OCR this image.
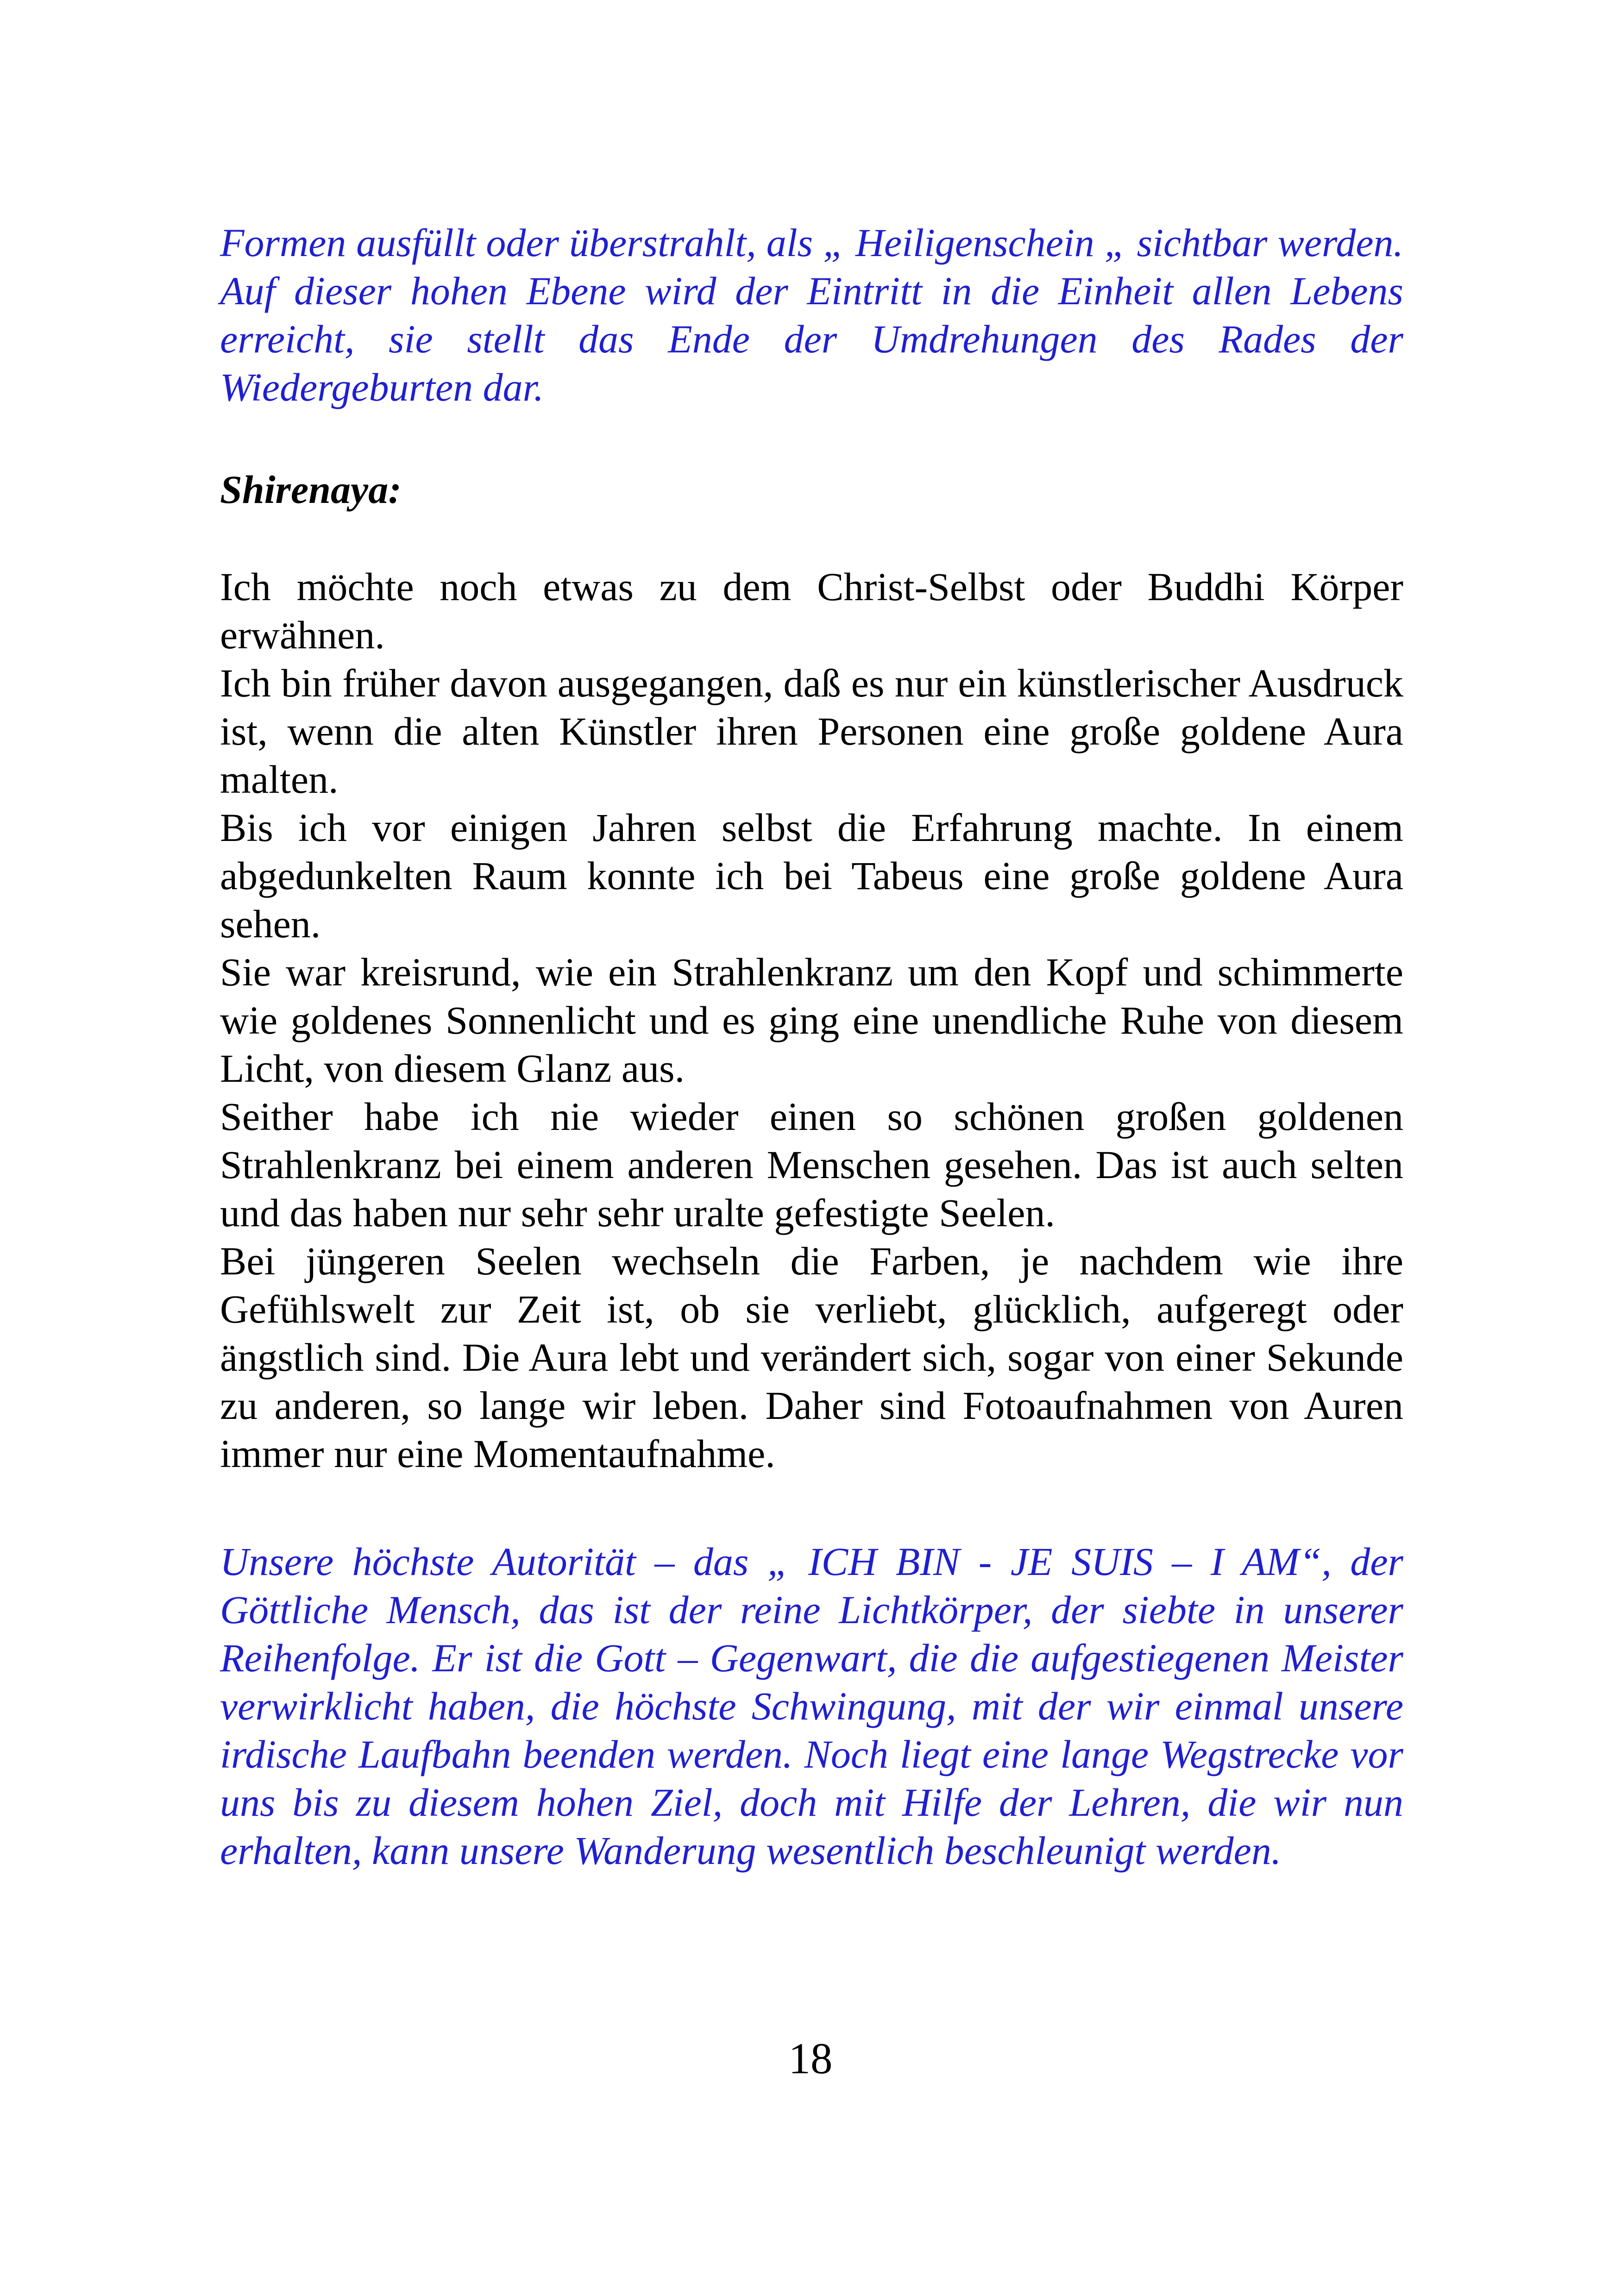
Formen ausfüllt oder überstrahlt, als „ Heiligenschein „ sichtbar werden. Auf dieser hohen Ebene wird der Eintritt in die Einheit allen Lebens erreicht, sie stellt das Ende der Umdrehungen des Rades der Wiedergeburten dar.

Shirenaya:
Ich möchte noch etwas zu dem Christ-Selbst oder Buddhi Körper erwähnen.
Ich bin früher davon ausgegangen, daß es nur ein künstlerischer Ausdruck ist, wenn die alten Künstler ihren Personen eine große goldene Aura malten.
Bis ich vor einigen Jahren selbst die Erfahrung machte. In einem abgedunkelten Raum konnte ich bei Tabeus eine große goldene Aura sehen.
Sie war kreisrund, wie ein Strahlenkranz um den Kopf und schimmerte wie goldenes Sonnenlicht und es ging eine unendliche Ruhe von diesem Licht, von diesem Glanz aus.
Seither habe ich nie wieder einen so schönen großen goldenen Strahlenkranz bei einem anderen Menschen gesehen. Das ist auch selten und das haben nur sehr sehr uralte gefestigte Seelen.
Bei jüngeren Seelen wechseln die Farben, je nachdem wie ihre Gefühlswelt zur Zeit ist, ob sie verliebt, glücklich, aufgeregt oder ängstlich sind. Die Aura lebt und verändert sich, sogar von einer Sekunde zu anderen, so lange wir leben. Daher sind Fotoaufnahmen von Auren immer nur eine Momentaufnahme.

Unsere höchste Autorität – das „ ICH BIN - JE SUIS – I AM“, der Göttliche Mensch, das ist der reine Lichtkörper, der siebte in unserer Reihenfolge. Er ist die Gott – Gegenwart, die die aufgestiegenen Meister verwirklicht haben, die höchste Schwingung, mit der wir einmal unsere irdische Laufbahn beenden werden. Noch liegt eine lange Wegstrecke vor uns bis zu diesem hohen Ziel, doch mit Hilfe der Lehren, die wir nun erhalten, kann unsere Wanderung wesentlich beschleunigt werden.

18
